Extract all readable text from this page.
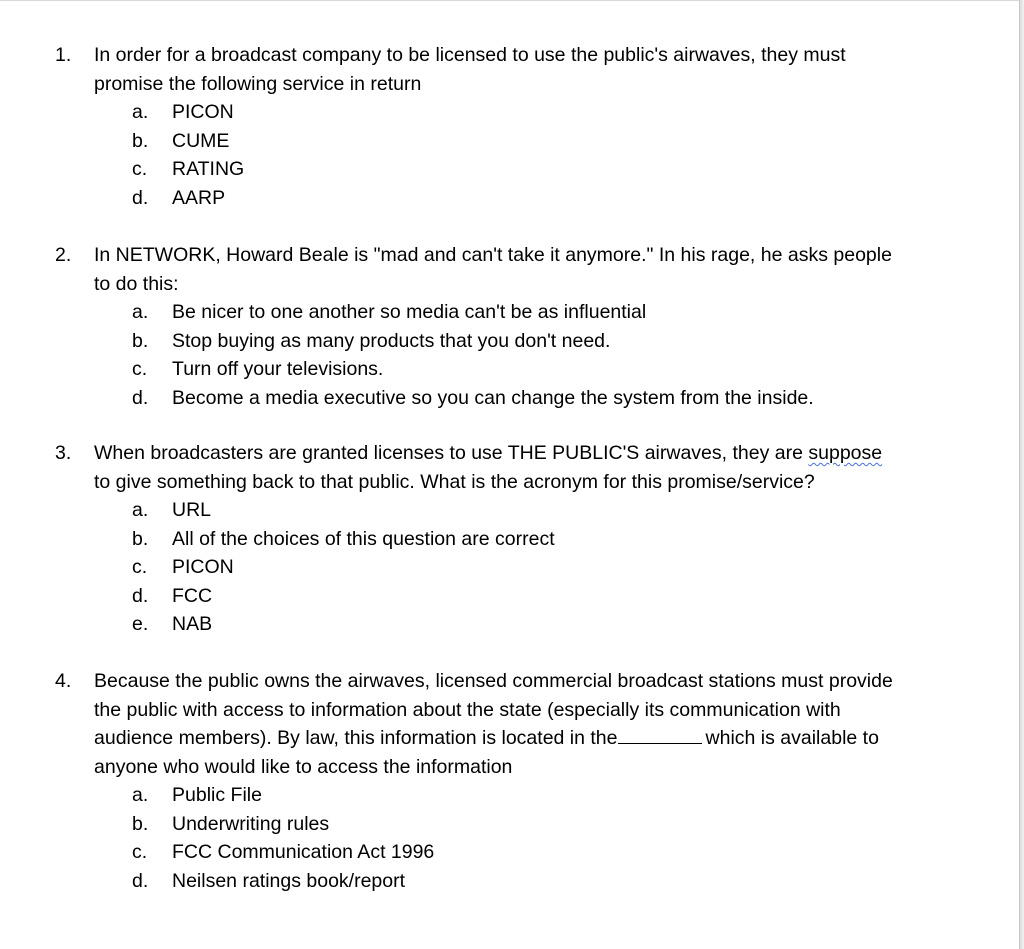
1. In order for a broadcast company to be licensed to use the public's airwaves, they must
promise the following service in return

a. PICON
b. CUME
c. RATING
d. AARP
2. In NETWORK, Howard Beale is "mad and can't take it anymore." In his rage, he asks people
to do this:

a. Be nicer to one another so media can't be as influential
b. Stop buying as many products that you don't need.
c. Turn off your televisions.
d. Become a media executive so you can change the system from the inside.
3. When broadcasters are granted licenses to use THE PUBLIC'S airwaves, they are suppose
to give something back to that public. What is the acronym for this promise/service?

a. URL
b. All of the choices of this question are correct
c. PICON
d. FCC
e. NAB
4. Because the public owns the airwaves, licensed commercial broadcast stations must provide
the public with access to information about the state (especially its communication with
audience members). By law, this information is located in the	which is available to
anyone who would like to access the information

a. Public File
b. Underwriting rules
c. FCC Communication Act 1996
d. Neilsen ratings book/report
